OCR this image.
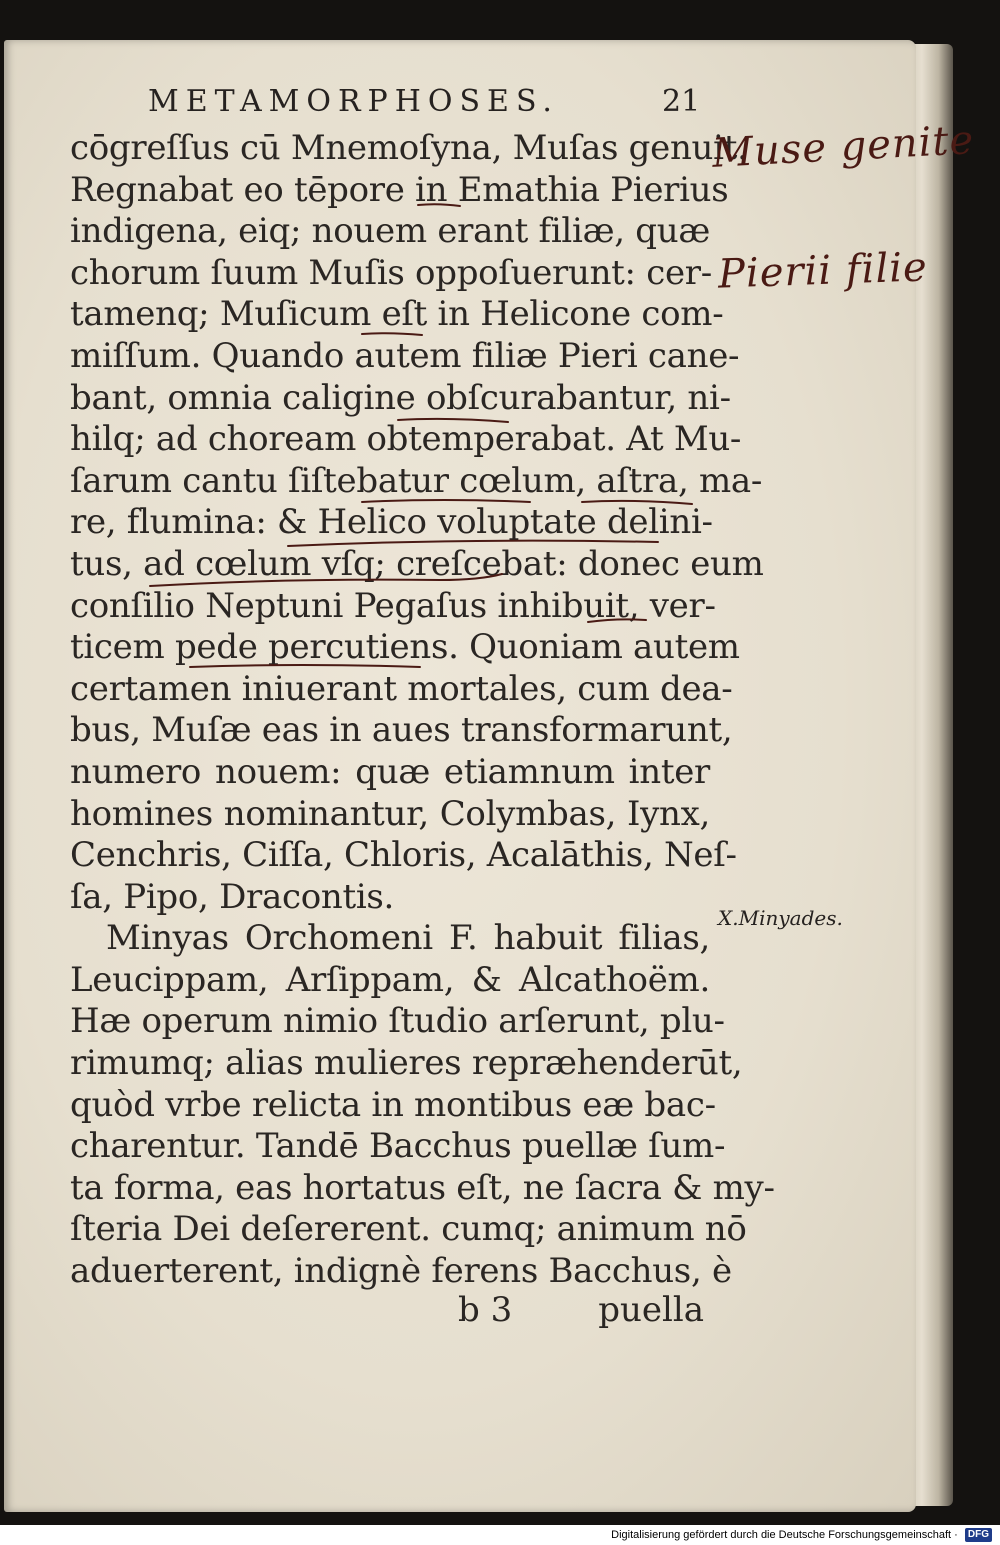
METAMORPHOSES.	21
cōgreſſus cū Mnemoſyna, Muſas genuit.
Regnabat eo tēpore in Emathia Pierius
indigena, eiq; nouem erant filiæ, quæ
chorum ſuum Muſis oppoſuerunt: cer-
tamenq; Muſicum eſt in Helicone com-
miſſum. Quando autem filiæ Pieri cane-
bant, omnia caligine obſcurabantur, ni-
hilq; ad choream obtemperabat. At Mu-
ſarum cantu ſiſtebatur cœlum, aſtra, ma-
re, flumina: & Helico voluptate delini-
tus, ad cœlum vſq; creſcebat: donec eum
conſilio Neptuni Pegaſus inhibuit, ver-
ticem pede percutiens. Quoniam autem
certamen iniuerant mortales, cum dea-
bus, Muſæ eas in aues transformarunt,
numero nouem: quæ etiamnum inter
homines nominantur, Colymbas, Iynx,
Cenchris, Ciſſa, Chloris, Acalāthis, Neſ-
ſa, Pipo, Dracontis.
Minyas Orchomeni F. habuit filias,
Leucippam, Arſippam, & Alcathoëm.
Hæ operum nimio ſtudio arſerunt, plu-
rimumq; alias mulieres repræhenderūt,
quòd vrbe relicta in montibus eæ bac-
charentur. Tandē Bacchus puellæ ſum-
ta forma, eas hortatus eſt, ne ſacra & my-
ſteria Dei deſererent. cumq; animum nō
aduerterent, indignè ferens Bacchus, è
b 3	puella
Muse genite
Pierii filie
X.Minyades.
Digitalisierung gefördert durch die Deutsche Forschungsgemeinschaft · DFG
